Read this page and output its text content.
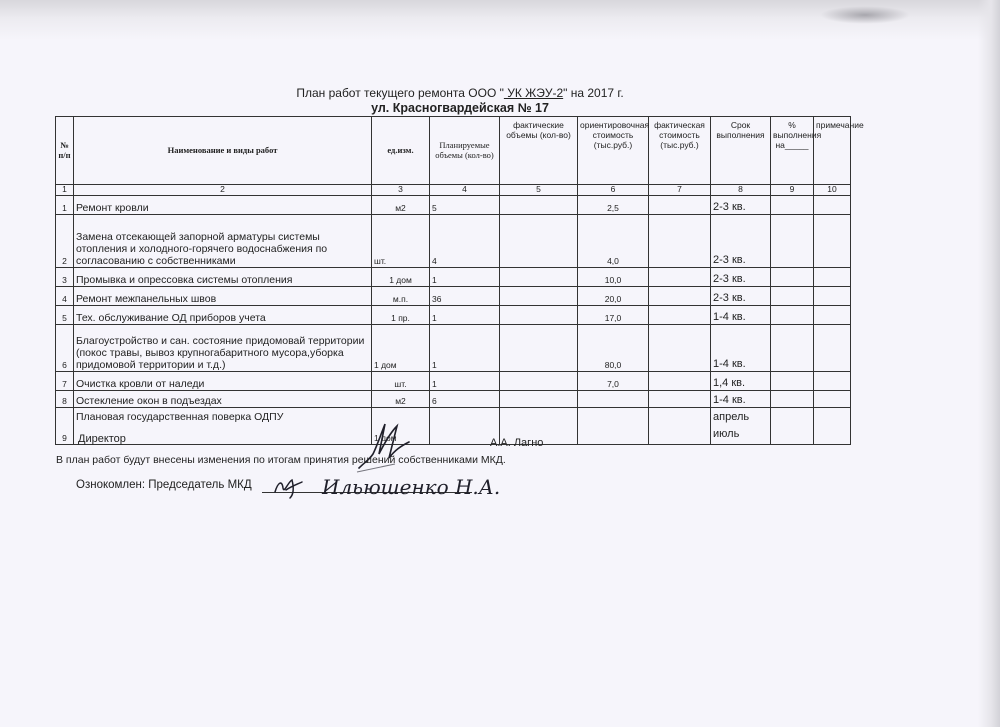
План работ текущего ремонта ООО " УК ЖЭУ-2" на 2017 г.
ул. Красногвардейская № 17
№ п/п	Наименование и виды работ	ед.изм.	Планируемые объемы (кол-во)	фактические объемы (кол-во)	ориентировочная стоимость (тыс.руб.)	фактическая стоимость (тыс.руб.)	Срок выполнения	% выполнения на_____	примечание
1	2	3	4	5	6	7	8	9	10
1	Ремонт кровли	м2	5		2,5		2-3 кв.		
2	Замена отсекающей запорной арматуры системы отопления и холодного-горячего водоснабжения по согласованию с собственниками	шт.	4		4,0		2-3 кв.		
3	Промывка и опрессовка системы отопления	1 дом	1		10,0		2-3 кв.		
4	Ремонт межпанельных швов	м.п.	36		20,0		2-3 кв.		
5	Тех. обслуживание ОД приборов учета	1 пр.	1		17,0		1-4 кв.		
6	Благоустройство и сан. состояние придомовай территории (покос травы, вывоз крупногабаритного мусора,уборка придомовой территории и т.д.)	1 дом	1		80,0		1-4 кв.		
7	Очистка кровли от наледи	шт.	1		7,0		1,4 кв.		
8	Остекление окон в подъездах	м2	6				1-4 кв.		
9	Плановая государственная поверка ОДПУ	1 дом					апрель июль		
Директор	А.А. Лагно
В план работ будут внесены изменения по итогам принятия решений собственниками МКД.
Ознокомлен: Председатель МКД	Ильюшенко Н.А.
